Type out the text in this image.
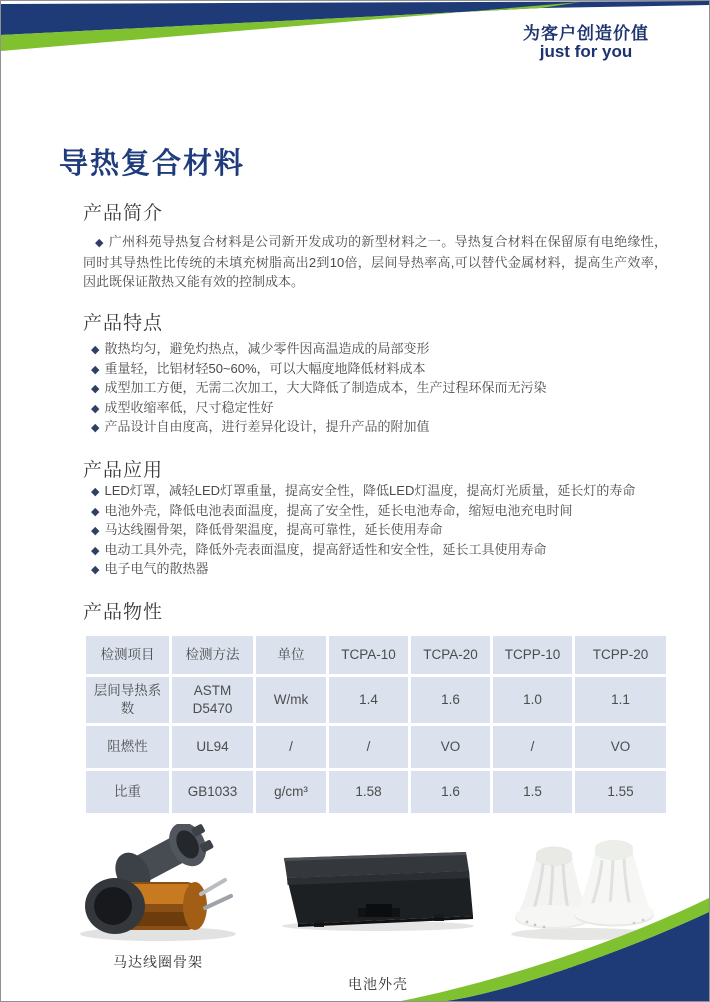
为客户创造价值
just for you
导热复合材料
产品简介

◆ 广州科苑导热复合材料是公司新开发成功的新型材料之一。导热复合材料在保留原有电绝缘性，同时其导热性比传统的未填充树脂高出2到10倍，层间导热率高,可以替代金属材料，提高生产效率，因此既保证散热又能有效的控制成本。

产品特点
◆ 散热均匀，避免灼热点，减少零件因高温造成的局部变形
◆ 重量轻，比铝材轻50~60%，可以大幅度地降低材料成本
◆ 成型加工方便，无需二次加工，大大降低了制造成本，生产过程环保而无污染
◆ 成型收缩率低，尺寸稳定性好
◆ 产品设计自由度高，进行差异化设计，提升产品的附加值
产品应用
◆ LED灯罩，减轻LED灯罩重量，提高安全性，降低LED灯温度，提高灯光质量，延长灯的寿命
◆ 电池外壳，降低电池表面温度，提高了安全性，延长电池寿命，缩短电池充电时间
◆ 马达线圈骨架，降低骨架温度，提高可靠性，延长使用寿命
◆ 电动工具外壳，降低外壳表面温度，提高舒适性和安全性，延长工具使用寿命
◆ 电子电气的散热器
产品物性
检测项目	检测方法	单位	TCPA-10	TCPA-20	TCPP-10	TCPP-20
层间导热系数	ASTM D5470	W/mk	1.4	1.6	1.0	1.1
阻燃性	UL94	/	/	VO	/	VO
比重	GB1033	g/cm³	1.58	1.6	1.5	1.55
马达线圈骨架
电池外壳
